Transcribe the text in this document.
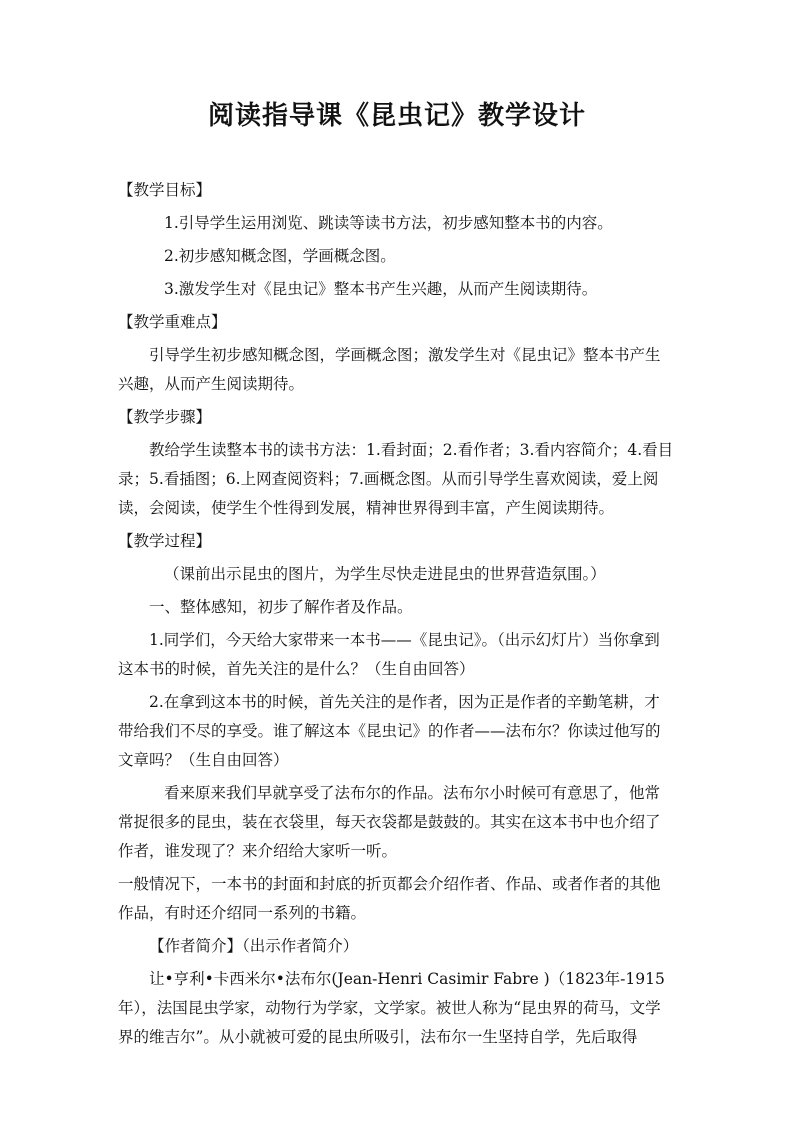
阅读指导课《昆虫记》教学设计

【教学目标】

1.引导学生运用浏览、跳读等读书方法，初步感知整本书的内容。

2.初步感知概念图，学画概念图。

3.激发学生对《昆虫记》整本书产生兴趣，从而产生阅读期待。

【教学重难点】

引导学生初步感知概念图，学画概念图；激发学生对《昆虫记》整本书产生兴趣，从而产生阅读期待。

【教学步骤】

教给学生读整本书的读书方法：1.看封面；2.看作者；3.看内容简介；4.看目录；5.看插图；6.上网查阅资料；7.画概念图。从而引导学生喜欢阅读，爱上阅读，会阅读，使学生个性得到发展，精神世界得到丰富，产生阅读期待。

【教学过程】

（课前出示昆虫的图片，为学生尽快走进昆虫的世界营造氛围。）

一、整体感知，初步了解作者及作品。

1.同学们，今天给大家带来一本书——《昆虫记》。（出示幻灯片）当你拿到这本书的时候，首先关注的是什么？（生自由回答）

2.在拿到这本书的时候，首先关注的是作者，因为正是作者的辛勤笔耕，才带给我们不尽的享受。谁了解这本《昆虫记》的作者——法布尔？你读过他写的文章吗？（生自由回答）

看来原来我们早就享受了法布尔的作品。法布尔小时候可有意思了，他常常捉很多的昆虫，装在衣袋里，每天衣袋都是鼓鼓的。其实在这本书中也介绍了作者，谁发现了？来介绍给大家听一听。

一般情况下，一本书的封面和封底的折页都会介绍作者、作品、或者作者的其他作品，有时还介绍同一系列的书籍。

【作者简介】（出示作者简介）

让•亨利•卡西米尔•法布尔(Jean-Henri Casimir Fabre )（1823年-1915年），法国昆虫学家，动物行为学家，文学家。被世人称为“昆虫界的荷马，文学界的维吉尔”。从小就被可爱的昆虫所吸引，法布尔一生坚持自学，先后取得
